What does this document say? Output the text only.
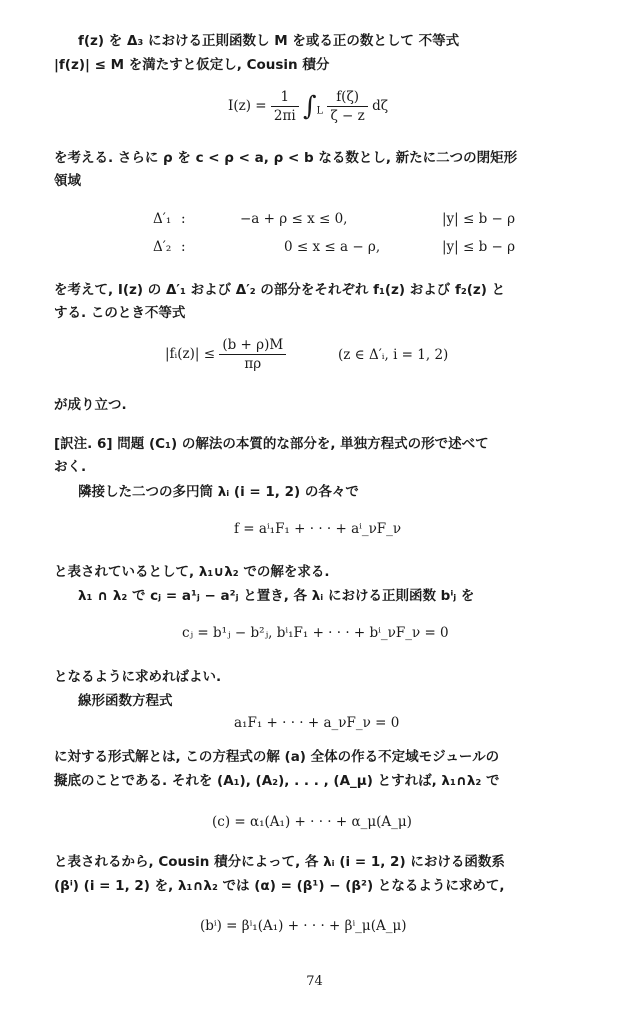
f(z) を Δ₃ における正則函数し M を或る正の数として 不等式
|f(z)| ≤ M を満たすと仮定し, Cousin 積分
$I(z) = \frac{1}{2\pi i} \int_L \frac{f(\zeta)}{\zeta - z}$ dζ
を考える. さらに ρ を c < ρ < a, ρ < b なる数とし, 新たに二つの閉矩形
領域
Δ′₁ :	−a + ρ ≤ x ≤ 0,	|y| ≤ b − ρ
Δ′₂ :	0 ≤ x ≤ a − ρ,	|y| ≤ b − ρ
を考えて, I(z) の Δ′₁ および Δ′₂ の部分をそれぞれ f₁(z) および f₂(z) と
する. このとき不等式
|fᵢ(z)| ≤ $\frac{(b + \rho)M}{\pi\rho}$	(z ∈ Δ′ᵢ, i = 1, 2)
が成り立つ.
[訳注. 6] 問題 (C₁) の解法の本質的な部分を, 単独方程式の形で述べて
おく.
隣接した二つの多円筒 λᵢ (i = 1, 2) の各々で
f = aⁱ₁F₁ + · · · + aⁱ_νF_ν
と表されているとして, λ₁∪λ₂ での解を求る.
λ₁ ∩ λ₂ で cⱼ = a¹ⱼ − a²ⱼ と置き, 各 λᵢ における正則函数 bⁱⱼ を
cⱼ = b¹ⱼ − b²ⱼ, bⁱ₁F₁ + · · · + bⁱ_νF_ν = 0
となるように求めればよい.
線形函数方程式
a₁F₁ + · · · + a_νF_ν = 0
に対する形式解とは, この方程式の解 (a) 全体の作る不定域モジュールの
擬底のことである. それを (A₁), (A₂), . . . , (A_μ) とすれば, λ₁∩λ₂ で
(c) = α₁(A₁) + · · · + α_μ(A_μ)
と表されるから, Cousin 積分によって, 各 λᵢ (i = 1, 2) における函数系
(βⁱ) (i = 1, 2) を, λ₁∩λ₂ では (α) = (β¹) − (β²) となるように求めて,
(bⁱ) = βⁱ₁(A₁) + · · · + βⁱ_μ(A_μ)
74
